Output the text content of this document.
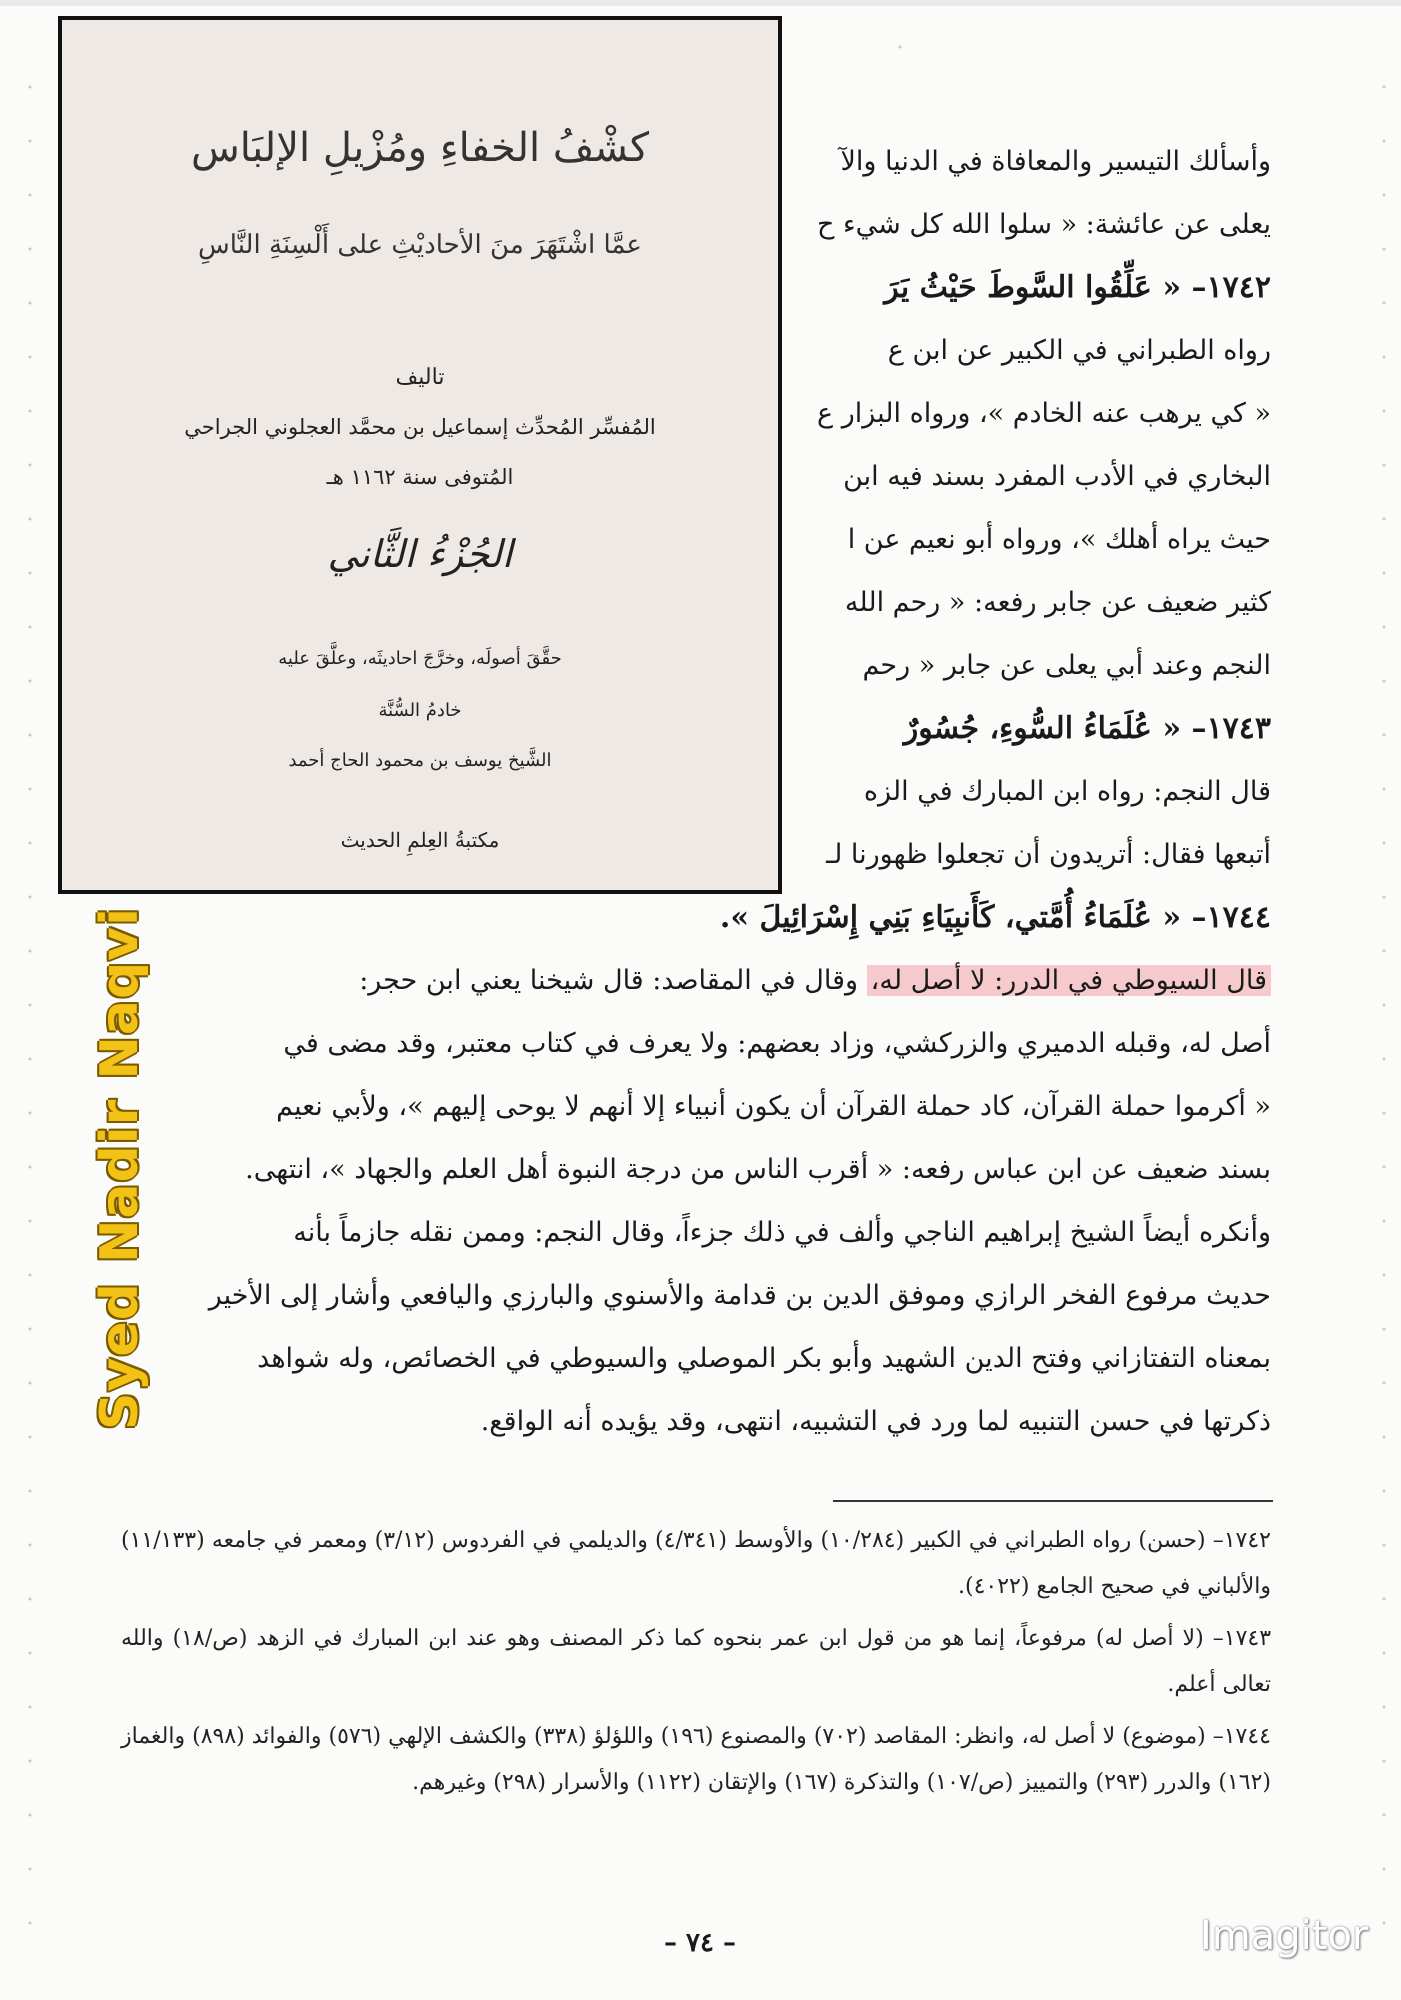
وأسألك التيسير والمعافاة في الدنيا والآ

يعلى عن عائشة: « سلوا الله كل شيء ح

١٧٤٢– « عَلِّقُوا السَّوطَ حَيْثُ يَرَ

رواه الطبراني في الكبير عن ابن ع

« كي يرهب عنه الخادم »، ورواه البزار ع

البخاري في الأدب المفرد بسند فيه ابن

حيث يراه أهلك »، ورواه أبو نعيم عن ا

كثير ضعيف عن جابر رفعه: « رحم الله

النجم وعند أبي يعلى عن جابر « رحم

١٧٤٣– « عُلَمَاءُ السُّوءِ، جُسُورٌ

قال النجم: رواه ابن المبارك في الزه

أتبعها فقال: أتريدون أن تجعلوا ظهورنا لـ

١٧٤٤– « عُلَمَاءُ أُمَّتي، كَأَنبِيَاءِ بَنِي إِسْرَائِيلَ ».

قال السيوطي في الدرر: لا أصل له، وقال في المقاصد: قال شيخنا يعني ابن حجر:

أصل له، وقبله الدميري والزركشي، وزاد بعضهم: ولا يعرف في كتاب معتبر، وقد مضى في

« أكرموا حملة القرآن، كاد حملة القرآن أن يكون أنبياء إلا أنهم لا يوحى إليهم »، ولأبي نعيم

بسند ضعيف عن ابن عباس رفعه: « أقرب الناس من درجة النبوة أهل العلم والجهاد »، انتهى.

وأنكره أيضاً الشيخ إبراهيم الناجي وألف في ذلك جزءاً، وقال النجم: وممن نقله جازماً بأنه

حديث مرفوع الفخر الرازي وموفق الدين بن قدامة والأسنوي والبارزي واليافعي وأشار إلى الأخير

بمعناه التفتازاني وفتح الدين الشهيد وأبو بكر الموصلي والسيوطي في الخصائص، وله شواهد

ذكرتها في حسن التنبيه لما ورد في التشبيه، انتهى، وقد يؤيده أنه الواقع.

١٧٤٢– (حسن) رواه الطبراني في الكبير (١٠/٢٨٤) والأوسط (٤/٣٤١) والديلمي في الفردوس (٣/١٢) ومعمر في جامعه (١١/١٣٣) والألباني في صحيح الجامع (٤٠٢٢).

١٧٤٣– (لا أصل له) مرفوعاً، إنما هو من قول ابن عمر بنحوه كما ذكر المصنف وهو عند ابن المبارك في الزهد (ص/١٨) والله تعالى أعلم.

١٧٤٤– (موضوع) لا أصل له، وانظر: المقاصد (٧٠٢) والمصنوع (١٩٦) واللؤلؤ (٣٣٨) والكشف الإلهي (٥٧٦) والفوائد (٨٩٨) والغماز (١٦٢) والدرر (٢٩٣) والتمييز (ص/١٠٧) والتذكرة (١٦٧) والإتقان (١١٢٢) والأسرار (٢٩٨) وغيرهم.

– ٧٤ –
كشْفُ الخفاءِ ومُزْيلِ الإلبَاس
عمَّا اشْتَهَرَ منَ الأحاديْثِ على أَلْسِنَةِ النَّاسِ
تاليف
المُفسِّر المُحدِّث إسماعيل بن محمَّد العجلوني الجراحي
المُتوفى سنة ١١٦٢ هـ
الجُزْءُ الثَّاني
حقَّقَ أصولَه، وخرَّجَ احاديثَه، وعلَّقَ عليه
خادمُ السُّنَّة
الشَّيخ يوسف بن محمود الحاج أحمد
مكتبةُ العِلمِ الحديث
Syed Nadir Naqvi
Imagitor
